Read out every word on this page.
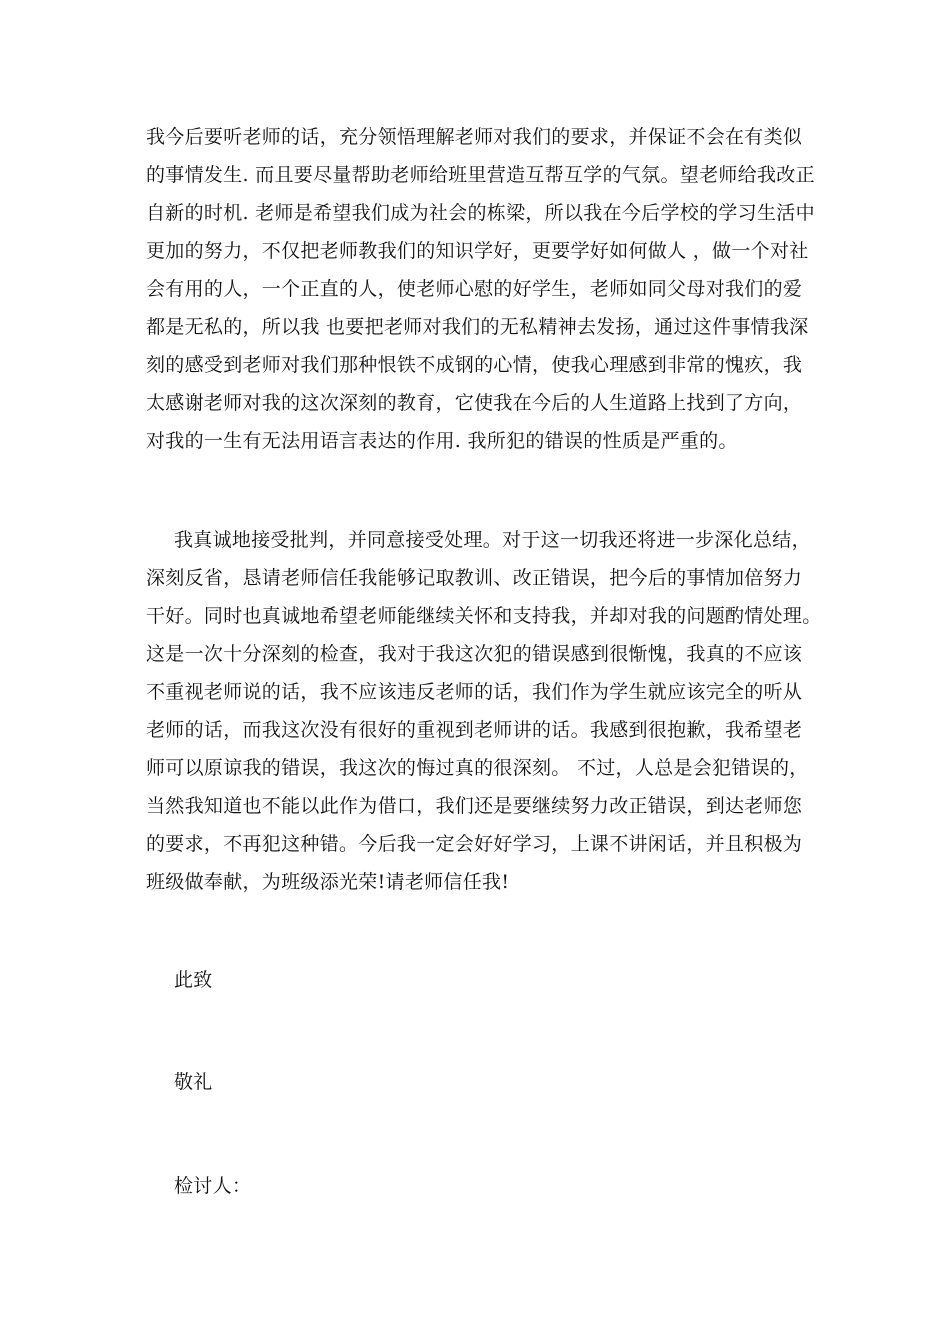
我今后要听老师的话，充分领悟理解老师对我们的要求，并保证不会在有类似
的事情发生. 而且要尽量帮助老师给班里营造互帮互学的气氛。望老师给我改正
自新的时机. 老师是希望我们成为社会的栋梁，所以我在今后学校的学习生活中
更加的努力，不仅把老师教我们的知识学好，更要学好如何做人 ，做一个对社
会有用的人，一个正直的人，使老师心慰的好学生，老师如同父母对我们的爱
都是无私的，所以我 也要把老师对我们的无私精神去发扬，通过这件事情我深
刻的感受到老师对我们那种恨铁不成钢的心情，使我心理感到非常的愧疚，我
太感谢老师对我的这次深刻的教育，它使我在今后的人生道路上找到了方向，
对我的一生有无法用语言表达的作用. 我所犯的错误的性质是严重的。
我真诚地接受批判，并同意接受处理。对于这一切我还将进一步深化总结，
深刻反省，恳请老师信任我能够记取教训、改正错误，把今后的事情加倍努力
干好。同时也真诚地希望老师能继续关怀和支持我，并却对我的问题酌情处理。
这是一次十分深刻的检查，我对于我这次犯的错误感到很惭愧，我真的不应该
不重视老师说的话，我不应该违反老师的话，我们作为学生就应该完全的听从
老师的话，而我这次没有很好的重视到老师讲的话。我感到很抱歉，我希望老
师可以原谅我的错误，我这次的悔过真的很深刻。 不过，人总是会犯错误的，
当然我知道也不能以此作为借口，我们还是要继续努力改正错误，到达老师您
的要求，不再犯这种错。今后我一定会好好学习，上课不讲闲话，并且积极为
班级做奉献，为班级添光荣!请老师信任我!
此致
敬礼
检讨人：
